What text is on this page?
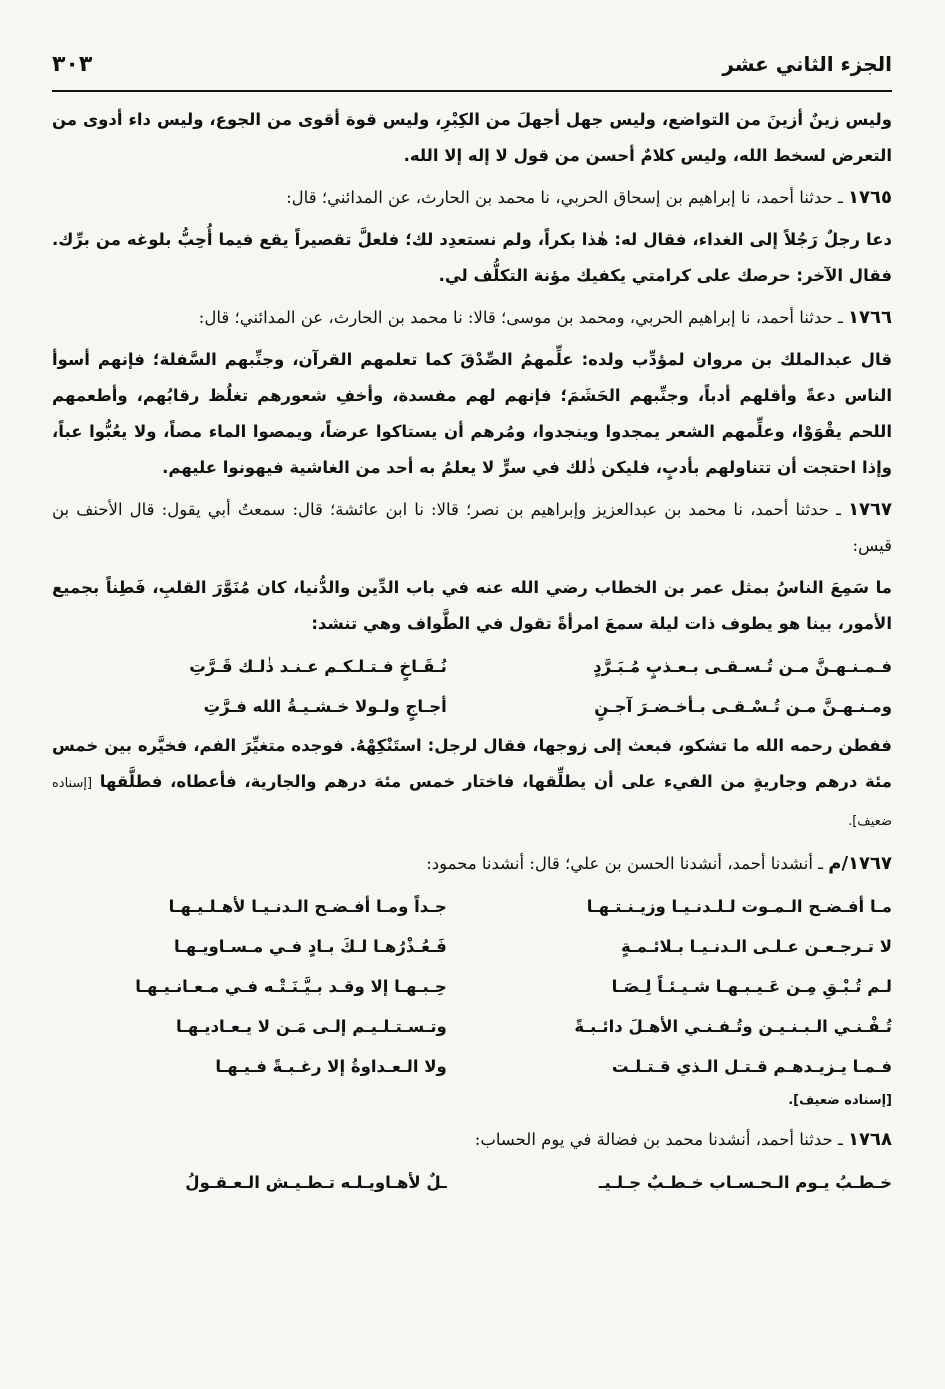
الجزء الثاني عشر
٣٠٣

وليس زينٌ أزينَ من التواضع، وليس جهل أجهلَ من الكِبْرِ، وليس قوة أقوى من الجوع، وليس داء أدوى من التعرض لسخط الله، وليس كلامٌ أحسن من قول لا إله إلا الله.

١٧٦٥ ـ حدثنا أحمد، نا إبراهيم بن إسحاق الحربي، نا محمد بن الحارث، عن المدائني؛ قال:

دعا رجلٌ رَجُلاً إلى الغداء، فقال له: هٰذا بكراً، ولم نستعدِد لك؛ فلعلَّ تقصيراً يقع فيما أُحِبُّ بلوغه من برِّك. فقال الآخر: حرصك على كرامتي يكفيك مؤنة التكلُّف لي.

١٧٦٦ ـ حدثنا أحمد، نا إبراهيم الحربي، ومحمد بن موسى؛ قالا: نا محمد بن الحارث، عن المدائني؛ قال:

قال عبدالملك بن مروان لمؤدِّب ولده: علِّمهمُ الصِّدْقَ كما تعلمهم القرآن، وجنِّبهم السَّفلة؛ فإنهم أسوأ الناس دعةً وأقلهم أدباً، وجنِّبهم الحَشَمَ؛ فإنهم لهم مفسدة، وأخفِ شعورهم تغلُظ رقابُهم، وأطعمهم اللحم يقْوَوْا، وعلِّمهم الشعر يمجدوا وينجدوا، ومُرهم أن يستاكوا عرضاً، ويمصوا الماء مصاً، ولا يعُبُّوا عباً، وإذا احتجت أن تتناولهم بأدبٍ، فليكن ذٰلك في سرٍّ لا يعلمُ به أحد من الغاشية فيهونوا عليهم.

١٧٦٧ ـ حدثنا أحمد، نا محمد بن عبدالعزيز وإبراهيم بن نصر؛ قالا: نا ابن عائشة؛ قال: سمعتُ أبي يقول: قال الأحنف بن قيس:

ما سَمِعَ الناسُ بمثل عمر بن الخطاب رضي الله عنه في باب الدِّين والدُّنيا، كان مُنَوَّرَ القلبِ، فَطِناً بجميع الأمور، بينا هو يطوف ذات ليلة سمعَ امرأةً تقول في الطَّواف وهي تنشد:

فـمـنـهـنَّ مـن تُـسـقـى بـعـذبٍ مُـبَـرَّدٍ
نُـقَـاخٍ فـتـلـكـم عـنـد ذٰلـك قَـرَّتِ
ومـنـهـنَّ مـن تُـسْـقـى بـأخـضـرَ آجـنٍ
أجـاجٍ ولـولا خـشـيـةُ الله فـرَّتِ

ففطن رحمه الله ما تشكو، فبعث إلى زوجها، فقال لرجل: استَنْكِهْهُ. فوجده متغيِّرَ الفم، فخيَّره بين خمس مئة درهم وجاريةٍ من الفيء على أن يطلِّقها، فاختار خمس مئة درهم والجارية، فأعطاه، فطلَّقها [إسناده ضعيف].

١٧٦٧/م ـ أنشدنا أحمد، أنشدنا الحسن بن علي؛ قال: أنشدنا محمود:

مـا أفـضـح الـمـوت لـلـدنـيـا وزيـنـتـهـا
جـداً ومـا أفـضـح الـدنـيـا لأهـلـيـهـا
لا تـرجـعـن عـلـى الـدنـيـا بـلائـمـةٍ
فَـعُـذْرُهـا لـكَ بـادٍ فـي مـسـاويـهـا
لـم تُـبْـقِ مِـن عَـيـبـهـا شـيـئـاً لِـصَـا
حِـبـهـا إلا وقـد بـيَّـنَـتْـه فـي مـعـانـيـهـا
تُـفْـنـي الـبـنـيـن وتُـفـنـي الأهـلَ دائـبـةً
وتـسـتـلـيـم إلـى مَـن لا يـعـاديـهـا
فـمـا يـزيـدهـم قـتـل الـذي قـتـلـت
ولا الـعـداوةُ إلا رغـبـةً فـيـهـا
[إسناده ضعيف].

١٧٦٨ ـ حدثنا أحمد، أنشدنا محمد بن فضالة في يوم الحساب:

خـطـبُ يـوم الـحـسـاب خـطـبٌ جـلـيـ
ـلٌ لأهـاويـلـه تـطـيـش الـعـقـولُ
